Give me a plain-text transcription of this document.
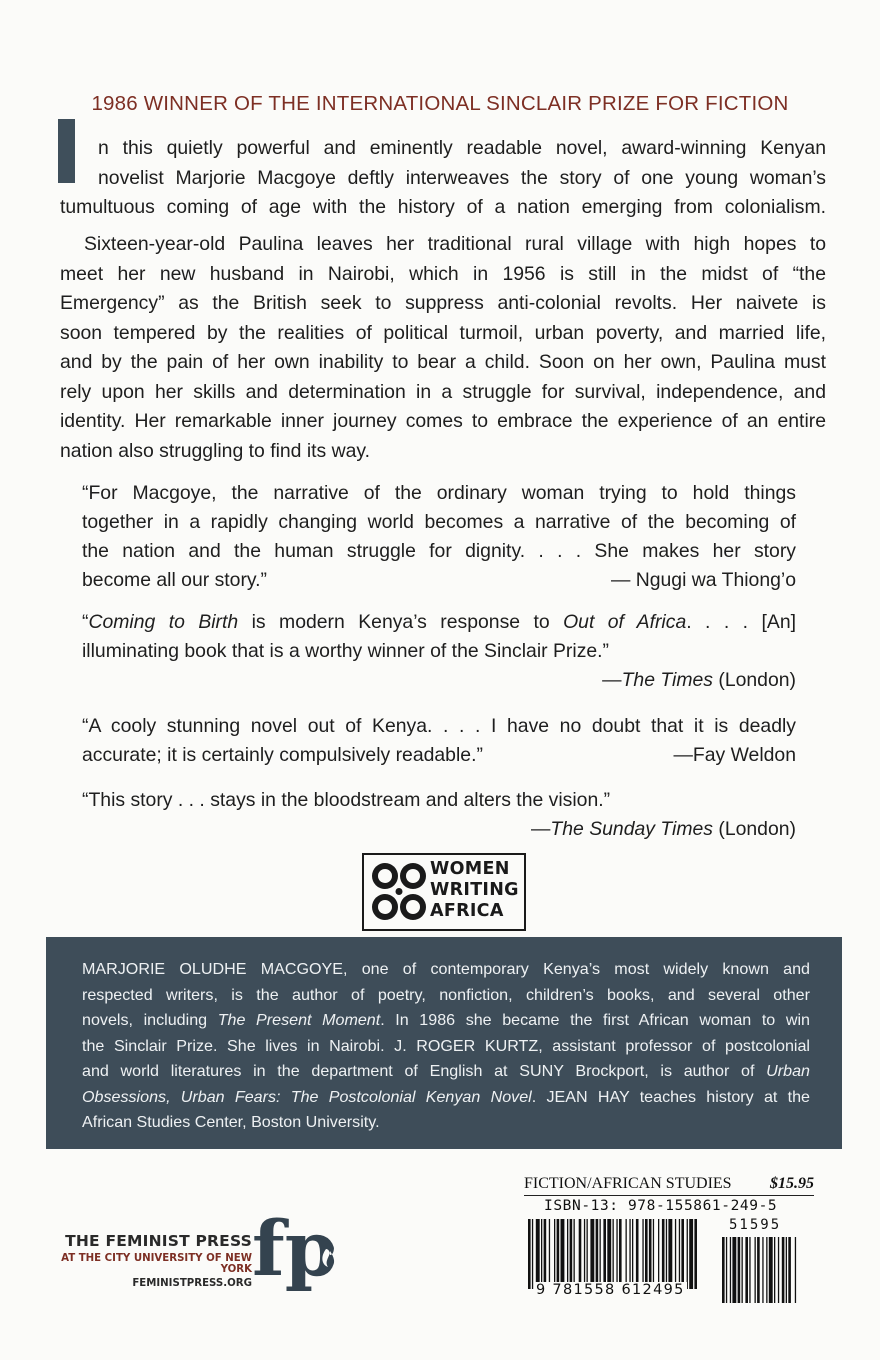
1986 WINNER OF THE INTERNATIONAL SINCLAIR PRIZE FOR FICTION
n this quietly powerful and eminently readable novel, award-winning Kenyan
novelist Marjorie Macgoye deftly interweaves the story of one young woman’s
tumultuous coming of age with the history of a nation emerging from colonialism.
Sixteen-year-old Paulina leaves her traditional rural village with high hopes to
meet her new husband in Nairobi, which in 1956 is still in the midst of “the
Emergency” as the British seek to suppress anti-colonial revolts. Her naivete is
soon tempered by the realities of political turmoil, urban poverty, and married life,
and by the pain of her own inability to bear a child. Soon on her own, Paulina must
rely upon her skills and determination in a struggle for survival, independence, and
identity. Her remarkable inner journey comes to embrace the experience of an entire
nation also struggling to find its way.
“For Macgoye, the narrative of the ordinary woman trying to hold things
together in a rapidly changing world becomes a narrative of the becoming of
the nation and the human struggle for dignity. . . . She makes her story
become all our story.”	— Ngugi wa Thiong’o
“Coming to Birth is modern Kenya’s response to Out of Africa. . . . [An]
illuminating book that is a worthy winner of the Sinclair Prize.”
—The Times (London)
“A cooly stunning novel out of Kenya. . . . I have no doubt that it is deadly
accurate; it is certainly compulsively readable.”	—Fay Weldon
“This story . . . stays in the bloodstream and alters the vision.”
—The Sunday Times (London)
WOMEN
WRITING
AFRICA
MARJORIE OLUDHE MACGOYE, one of contemporary Kenya’s most widely known and
respected writers, is the author of poetry, nonfiction, children’s books, and several other
novels, including The Present Moment. In 1986 she became the first African woman to win
the Sinclair Prize. She lives in Nairobi. J. ROGER KURTZ, assistant professor of postcolonial
and world literatures in the department of English at SUNY Brockport, is author of Urban
Obsessions, Urban Fears: The Postcolonial Kenyan Novel. JEAN HAY teaches history at the
African Studies Center, Boston University.
THE FEMINIST PRESS
AT THE CITY UNIVERSITY OF NEW YORK
FEMINISTPRESS.ORG fp
FICTION/AFRICAN STUDIES $15.95
ISBN-13: 978-155861-249-5
51595
9 781558 612495
